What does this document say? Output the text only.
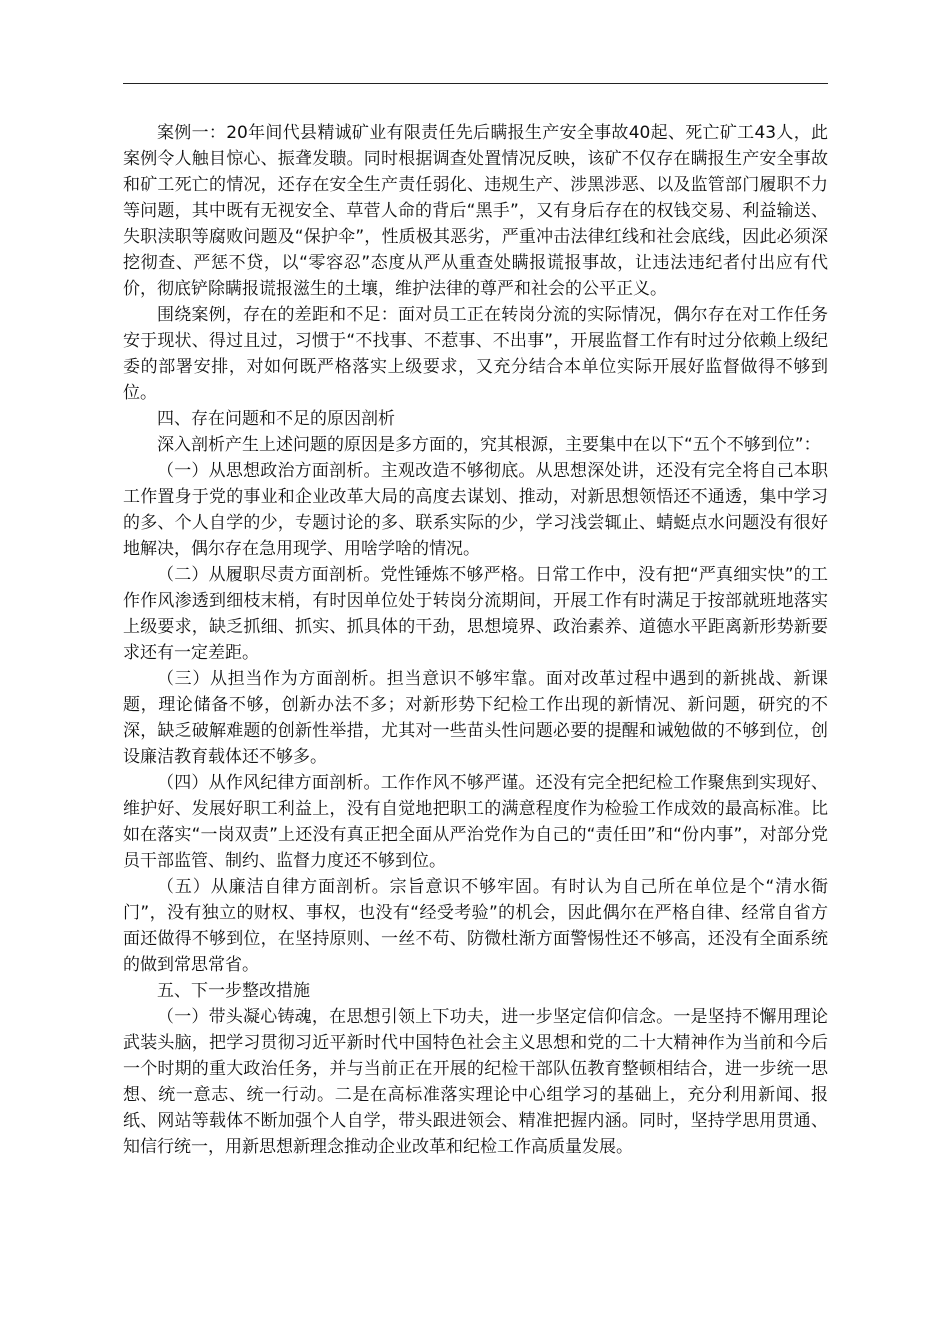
案例一：20年间代县精诚矿业有限责任先后瞒报生产安全事故40起、死亡矿工43人，此案例令人触目惊心、振聋发聩。同时根据调查处置情况反映，该矿不仅存在瞒报生产安全事故和矿工死亡的情况，还存在安全生产责任弱化、违规生产、涉黑涉恶、以及监管部门履职不力等问题，其中既有无视安全、草菅人命的背后“黑手”，又有身后存在的权钱交易、利益输送、失职渎职等腐败问题及“保护伞”，性质极其恶劣，严重冲击法律红线和社会底线，因此必须深挖彻查、严惩不贷，以“零容忍”态度从严从重查处瞒报谎报事故，让违法违纪者付出应有代价，彻底铲除瞒报谎报滋生的土壤，维护法律的尊严和社会的公平正义。

围绕案例，存在的差距和不足：面对员工正在转岗分流的实际情况，偶尔存在对工作任务安于现状、得过且过，习惯于“不找事、不惹事、不出事”，开展监督工作有时过分依赖上级纪委的部署安排，对如何既严格落实上级要求，又充分结合本单位实际开展好监督做得不够到位。

四、存在问题和不足的原因剖析

深入剖析产生上述问题的原因是多方面的，究其根源，主要集中在以下“五个不够到位”：

（一）从思想政治方面剖析。主观改造不够彻底。从思想深处讲，还没有完全将自己本职工作置身于党的事业和企业改革大局的高度去谋划、推动，对新思想领悟还不通透，集中学习的多、个人自学的少，专题讨论的多、联系实际的少，学习浅尝辄止、蜻蜓点水问题没有很好地解决，偶尔存在急用现学、用啥学啥的情况。

（二）从履职尽责方面剖析。党性锤炼不够严格。日常工作中，没有把“严真细实快”的工作作风渗透到细枝末梢，有时因单位处于转岗分流期间，开展工作有时满足于按部就班地落实上级要求，缺乏抓细、抓实、抓具体的干劲，思想境界、政治素养、道德水平距离新形势新要求还有一定差距。

（三）从担当作为方面剖析。担当意识不够牢靠。面对改革过程中遇到的新挑战、新课题，理论储备不够，创新办法不多；对新形势下纪检工作出现的新情况、新问题，研究的不深，缺乏破解难题的创新性举措，尤其对一些苗头性问题必要的提醒和诫勉做的不够到位，创设廉洁教育载体还不够多。

（四）从作风纪律方面剖析。工作作风不够严谨。还没有完全把纪检工作聚焦到实现好、维护好、发展好职工利益上，没有自觉地把职工的满意程度作为检验工作成效的最高标准。比如在落实“一岗双责”上还没有真正把全面从严治党作为自己的“责任田”和“份内事”，对部分党员干部监管、制约、监督力度还不够到位。

（五）从廉洁自律方面剖析。宗旨意识不够牢固。有时认为自己所在单位是个“清水衙门”，没有独立的财权、事权，也没有“经受考验”的机会，因此偶尔在严格自律、经常自省方面还做得不够到位，在坚持原则、一丝不苟、防微杜渐方面警惕性还不够高，还没有全面系统的做到常思常省。

五、下一步整改措施

（一）带头凝心铸魂，在思想引领上下功夫，进一步坚定信仰信念。一是坚持不懈用理论武装头脑，把学习贯彻习近平新时代中国特色社会主义思想和党的二十大精神作为当前和今后一个时期的重大政治任务，并与当前正在开展的纪检干部队伍教育整顿相结合，进一步统一思想、统一意志、统一行动。二是在高标准落实理论中心组学习的基础上，充分利用新闻、报纸、网站等载体不断加强个人自学，带头跟进领会、精准把握内涵。同时，坚持学思用贯通、知信行统一，用新思想新理念推动企业改革和纪检工作高质量发展。
